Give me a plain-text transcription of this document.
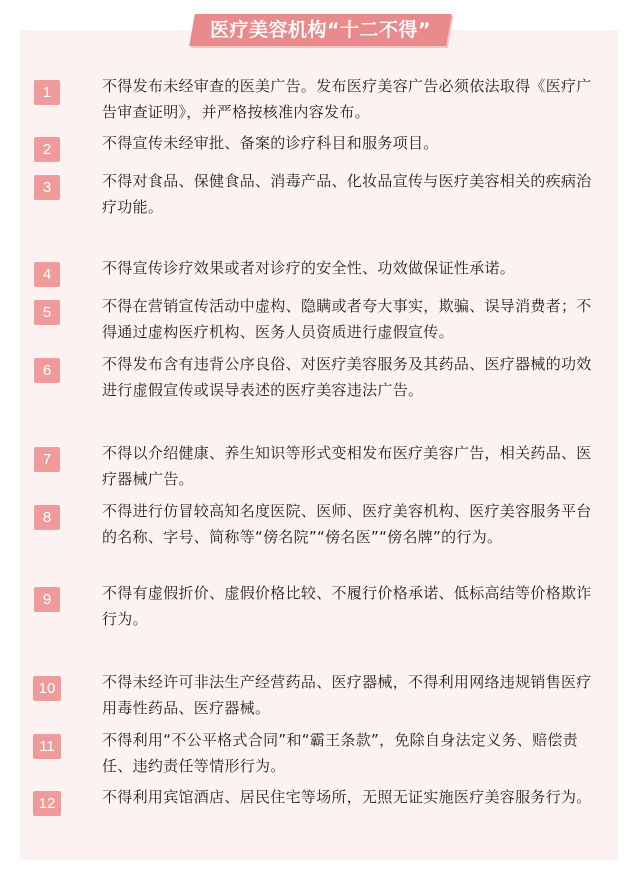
医疗美容机构“十二不得”
1	不得发布未经审查的医美广告。发布医疗美容广告必须依法取得《医疗广告审查证明》，并严格按核准内容发布。
2	不得宣传未经审批、备案的诊疗科目和服务项目。
3	不得对食品、保健食品、消毒产品、化妆品宣传与医疗美容相关的疾病治疗功能。
4	不得宣传诊疗效果或者对诊疗的安全性、功效做保证性承诺。
5	不得在营销宣传活动中虚构、隐瞒或者夸大事实，欺骗、误导消费者；不得通过虚构医疗机构、医务人员资质进行虚假宣传。
6	不得发布含有违背公序良俗、对医疗美容服务及其药品、医疗器械的功效进行虚假宣传或误导表述的医疗美容违法广告。
7	不得以介绍健康、养生知识等形式变相发布医疗美容广告，相关药品、医疗器械广告。
8	不得进行仿冒较高知名度医院、医师、医疗美容机构、医疗美容服务平台的名称、字号、简称等“傍名院”“傍名医”“傍名牌”的行为。
9	不得有虚假折价、虚假价格比较、不履行价格承诺、低标高结等价格欺诈行为。
10	不得未经许可非法生产经营药品、医疗器械，不得利用网络违规销售医疗用毒性药品、医疗器械。
11	不得利用“不公平格式合同”和“霸王条款”，免除自身法定义务、赔偿责任、违约责任等情形行为。
12	不得利用宾馆酒店、居民住宅等场所，无照无证实施医疗美容服务行为。
